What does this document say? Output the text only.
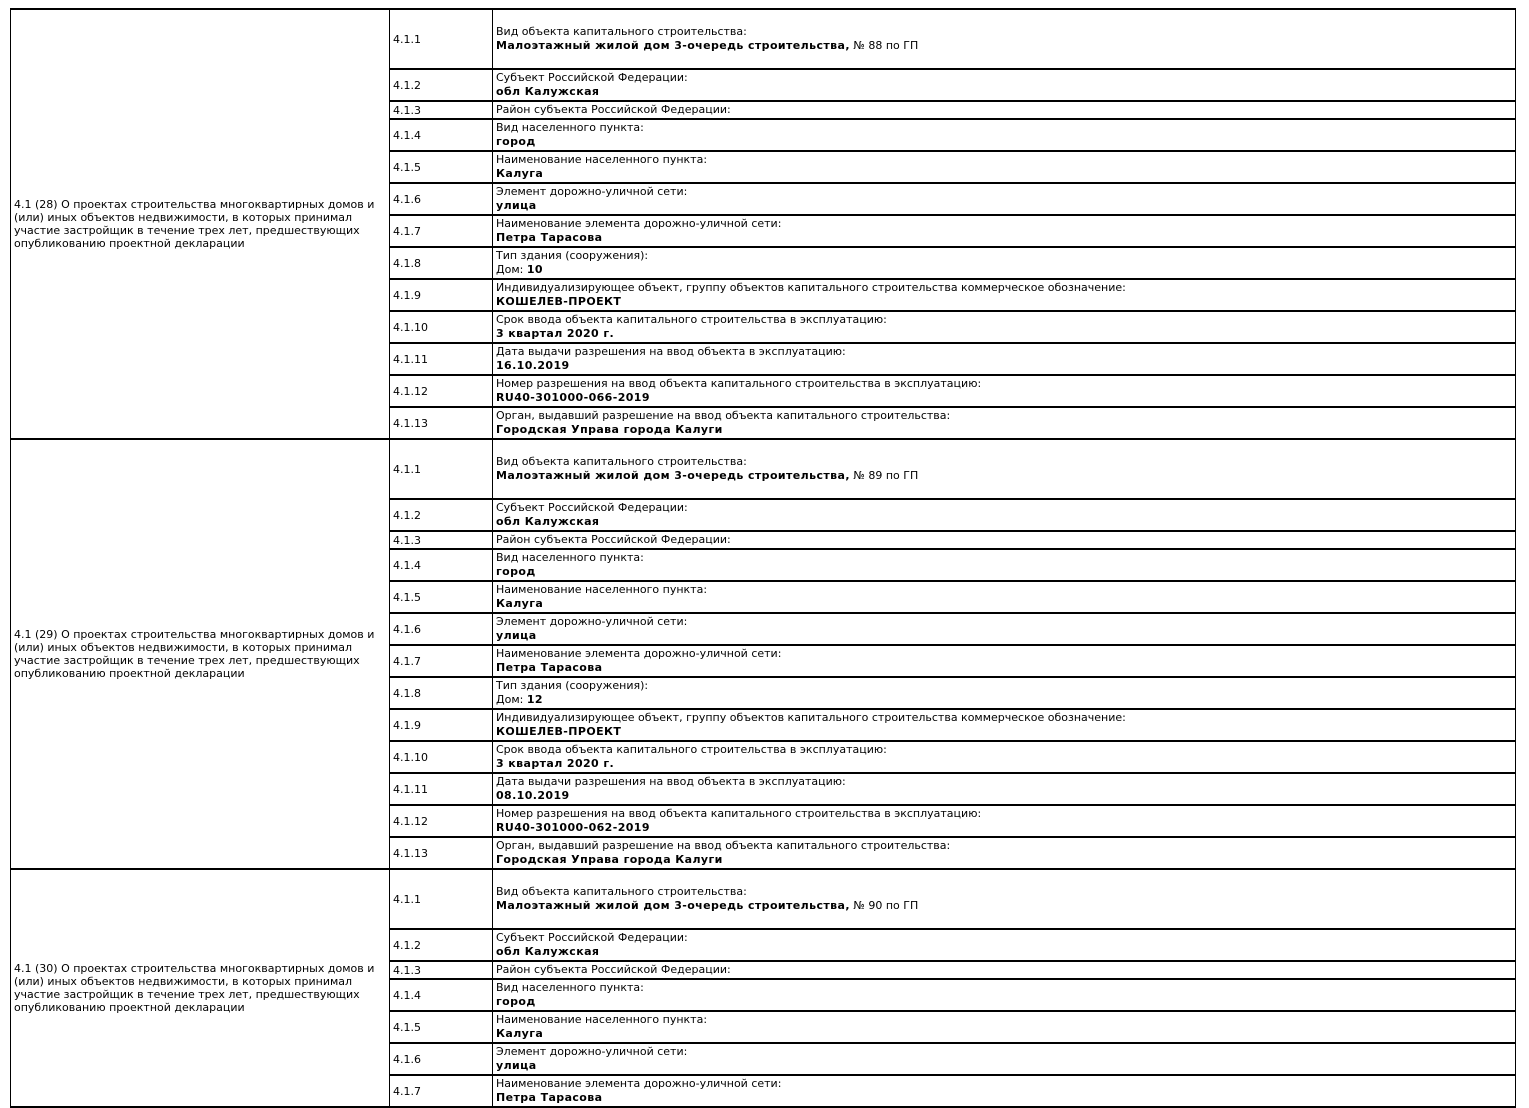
4.1 (28) О проектах строительства многоквартирных домов и (или) иных объектов недвижимости, в которых принимал участие застройщик в течение трех лет, предшествующих опубликованию проектной декларации	4.1.1	Вид объекта капитального строительства:
Малоэтажный жилой дом 3-очередь строительства, № 88 по ГП

	4.1.2	Субъект Российской Федерации:
обл Калужская

	4.1.3	Район субъекта Российской Федерации:

	4.1.4	Вид населенного пункта:
город

	4.1.5	Наименование населенного пункта:
Калуга

	4.1.6	Элемент дорожно-уличной сети:
улица

	4.1.7	Наименование элемента дорожно-уличной сети:
Петра Тарасова

	4.1.8	Тип здания (сооружения):
Дом: 10

	4.1.9	Индивидуализирующее объект, группу объектов капитального строительства коммерческое обозначение:
КОШЕЛЕВ-ПРОЕКТ

	4.1.10	Срок ввода объекта капитального строительства в эксплуатацию:
3 квартал 2020 г.

	4.1.11	Дата выдачи разрешения на ввод объекта в эксплуатацию:
16.10.2019

	4.1.12	Номер разрешения на ввод объекта капитального строительства в эксплуатацию:
RU40-301000-066-2019

	4.1.13	Орган, выдавший разрешение на ввод объекта капитального строительства:
Городская Управа города Калуги

4.1 (29) О проектах строительства многоквартирных домов и (или) иных объектов недвижимости, в которых принимал участие застройщик в течение трех лет, предшествующих опубликованию проектной декларации	4.1.1	Вид объекта капитального строительства:
Малоэтажный жилой дом 3-очередь строительства, № 89 по ГП

	4.1.2	Субъект Российской Федерации:
обл Калужская

	4.1.3	Район субъекта Российской Федерации:

	4.1.4	Вид населенного пункта:
город

	4.1.5	Наименование населенного пункта:
Калуга

	4.1.6	Элемент дорожно-уличной сети:
улица

	4.1.7	Наименование элемента дорожно-уличной сети:
Петра Тарасова

	4.1.8	Тип здания (сооружения):
Дом: 12

	4.1.9	Индивидуализирующее объект, группу объектов капитального строительства коммерческое обозначение:
КОШЕЛЕВ-ПРОЕКТ

	4.1.10	Срок ввода объекта капитального строительства в эксплуатацию:
3 квартал 2020 г.

	4.1.11	Дата выдачи разрешения на ввод объекта в эксплуатацию:
08.10.2019

	4.1.12	Номер разрешения на ввод объекта капитального строительства в эксплуатацию:
RU40-301000-062-2019

	4.1.13	Орган, выдавший разрешение на ввод объекта капитального строительства:
Городская Управа города Калуги

4.1 (30) О проектах строительства многоквартирных домов и (или) иных объектов недвижимости, в которых принимал участие застройщик в течение трех лет, предшествующих опубликованию проектной декларации	4.1.1	Вид объекта капитального строительства:
Малоэтажный жилой дом 3-очередь строительства, № 90 по ГП

	4.1.2	Субъект Российской Федерации:
обл Калужская

	4.1.3	Район субъекта Российской Федерации:

	4.1.4	Вид населенного пункта:
город

	4.1.5	Наименование населенного пункта:
Калуга

	4.1.6	Элемент дорожно-уличной сети:
улица

	4.1.7	Наименование элемента дорожно-уличной сети:
Петра Тарасова
